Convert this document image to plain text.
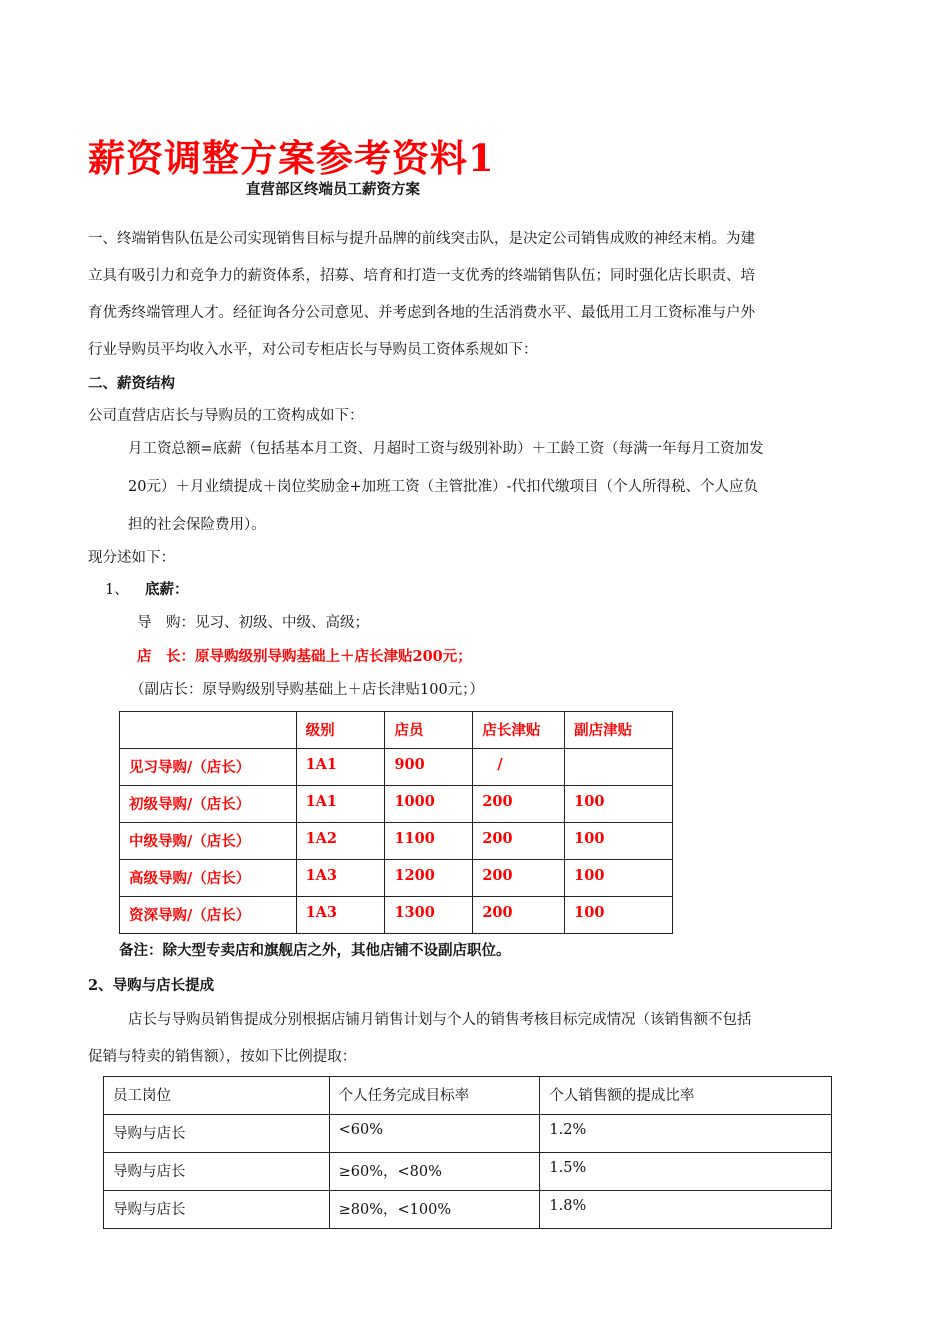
薪资调整方案参考资料1
直营部区终端员工薪资方案
一、终端销售队伍是公司实现销售目标与提升品牌的前线突击队，是决定公司销售成败的神经末梢。为建
立具有吸引力和竞争力的薪资体系，招募、培育和打造一支优秀的终端销售队伍；同时强化店长职责、培
育优秀终端管理人才。经征询各分公司意见、并考虑到各地的生活消费水平、最低用工月工资标准与户外
行业导购员平均收入水平，对公司专柜店长与导购员工资体系规如下：
二、薪资结构
公司直营店店长与导购员的工资构成如下：
月工资总额=底薪（包括基本月工资、月超时工资与级别补助）＋工龄工资（每满一年每月工资加发
20元）＋月业绩提成＋岗位奖励金+加班工资（主管批准）-代扣代缴项目（个人所得税、个人应负
担的社会保险费用）。
现分述如下：
1、 底薪：
导　购：见习、初级、中级、高级；
店　长：原导购级别导购基础上＋店长津贴200元；
（副店长：原导购级别导购基础上＋店长津贴100元；）
	级别	店员	店长津贴	副店津贴
见习导购/（店长）	1A1	900	/	
初级导购/（店长）	1A1	1000	200	100
中级导购/（店长）	1A2	1100	200	100
高级导购/（店长）	1A3	1200	200	100
资深导购/（店长）	1A3	1300	200	100
备注：除大型专卖店和旗舰店之外，其他店铺不设副店职位。
2、导购与店长提成
店长与导购员销售提成分别根据店铺月销售计划与个人的销售考核目标完成情况（该销售额不包括
促销与特卖的销售额），按如下比例提取：
员工岗位	个人任务完成目标率	个人销售额的提成比率
导购与店长	<60%	1.2%
导购与店长	≥60%，<80%	1.5%
导购与店长	≥80%，<100%	1.8%
